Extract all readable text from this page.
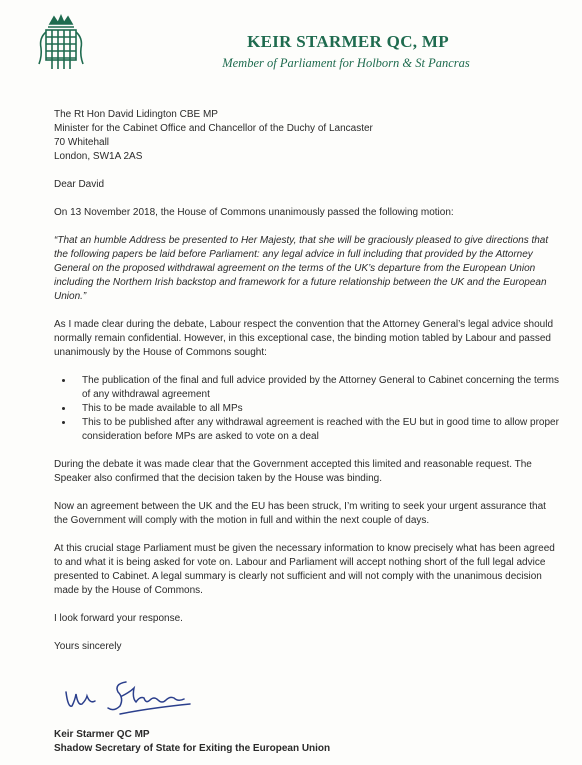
KEIR STARMER QC, MP
Member of Parliament for Holborn & St Pancras
The Rt Hon David Lidington CBE MP
Minister for the Cabinet Office and Chancellor of the Duchy of Lancaster
70 Whitehall
London, SW1A 2AS

Dear David

On 13 November 2018, the House of Commons unanimously passed the following motion:

“That an humble Address be presented to Her Majesty, that she will be graciously pleased to give directions that the following papers be laid before Parliament: any legal advice in full including that provided by the Attorney General on the proposed withdrawal agreement on the terms of the UK’s departure from the European Union including the Northern Irish backstop and framework for a future relationship between the UK and the European Union.”

As I made clear during the debate, Labour respect the convention that the Attorney General’s legal advice should normally remain confidential. However, in this exceptional case, the binding motion tabled by Labour and passed unanimously by the House of Commons sought:

• The publication of the final and full advice provided by the Attorney General to Cabinet concerning the terms of any withdrawal agreement
• This to be made available to all MPs
• This to be published after any withdrawal agreement is reached with the EU but in good time to allow proper consideration before MPs are asked to vote on a deal

During the debate it was made clear that the Government accepted this limited and reasonable request. The Speaker also confirmed that the decision taken by the House was binding.

Now an agreement between the UK and the EU has been struck, I’m writing to seek your urgent assurance that the Government will comply with the motion in full and within the next couple of days.

At this crucial stage Parliament must be given the necessary information to know precisely what has been agreed to and what it is being asked for vote on. Labour and Parliament will accept nothing short of the full legal advice presented to Cabinet. A legal summary is clearly not sufficient and will not comply with the unanimous decision made by the House of Commons.

I look forward your response.

Yours sincerely

Keir Starmer QC MP
Shadow Secretary of State for Exiting the European Union
